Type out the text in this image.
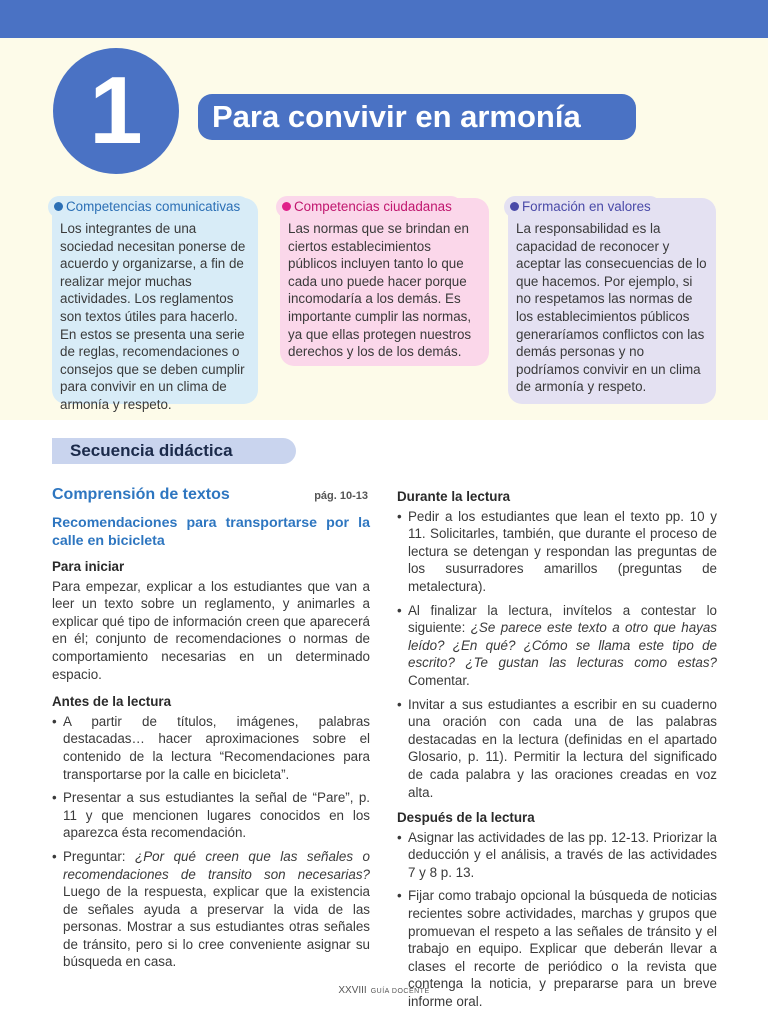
1	Para convivir en armonía
Competencias comunicativas

Los integrantes de una sociedad necesitan ponerse de acuerdo y organizarse, a fin de realizar mejor muchas actividades. Los reglamentos son textos útiles para hacerlo. En estos se presenta una serie de reglas, recomendaciones o consejos que se deben cumplir para convivir en un clima de armonía y respeto.

Competencias ciudadanas

Las normas que se brindan en ciertos establecimientos públicos incluyen tanto lo que cada uno puede hacer porque incomodaría a los demás. Es importante cumplir las normas, ya que ellas protegen nuestros derechos y los de los demás.

Formación en valores

La responsabilidad es la capacidad de reconocer y aceptar las consecuencias de lo que hacemos. Por ejemplo, si no respetamos las normas de los establecimientos públicos generaríamos conflictos con las demás personas y no podríamos convivir en un clima de armonía y respeto.

Secuencia didáctica
Comprensión de textos	pág. 10-13
Recomendaciones para transportarse por la calle en bicicleta
Para iniciar

Para empezar, explicar a los estudiantes que van a leer un texto sobre un reglamento, y animarles a explicar qué tipo de información creen que aparecerá en él; conjunto de recomendaciones o normas de comportamiento necesarias en un determinado espacio.

Antes de la lectura
• A partir de títulos, imágenes, palabras destacadas… hacer aproximaciones sobre el contenido de la lectura “Recomendaciones para transportarse por la calle en bicicleta”.
• Presentar a sus estudiantes la señal de “Pare”, p. 11 y que mencionen lugares conocidos en los aparezca ésta recomendación.
• Preguntar: ¿Por qué creen que las señales o recomendaciones de transito son necesarias? Luego de la respuesta, explicar que la existencia de señales ayuda a preservar la vida de las personas. Mostrar a sus estudiantes otras señales de tránsito, pero si lo cree conveniente asignar su búsqueda en casa.
Durante la lectura
• Pedir a los estudiantes que lean el texto pp. 10 y 11. Solicitarles, también, que durante el proceso de lectura se detengan y respondan las preguntas de los susurradores amarillos (preguntas de metalectura).
• Al finalizar la lectura, invítelos a contestar lo siguiente: ¿Se parece este texto a otro que hayas leído? ¿En qué? ¿Cómo se llama este tipo de escrito? ¿Te gustan las lecturas como estas? Comentar.
• Invitar a sus estudiantes a escribir en su cuaderno una oración con cada una de las palabras destacadas en la lectura (definidas en el apartado Glosario, p. 11). Permitir la lectura del significado de cada palabra y las oraciones creadas en voz alta.
Después de la lectura
• Asignar las actividades de las pp. 12-13. Priorizar la deducción y el análisis, a través de las actividades 7 y 8 p. 13.
• Fijar como trabajo opcional la búsqueda de noticias recientes sobre actividades, marchas y grupos que promuevan el respeto a las señales de tránsito y el trabajo en equipo. Explicar que deberán llevar a clases el recorte de periódico o la revista que contenga la noticia, y prepararse para un breve informe oral.
XXVIII GUÍA DOCENTE
